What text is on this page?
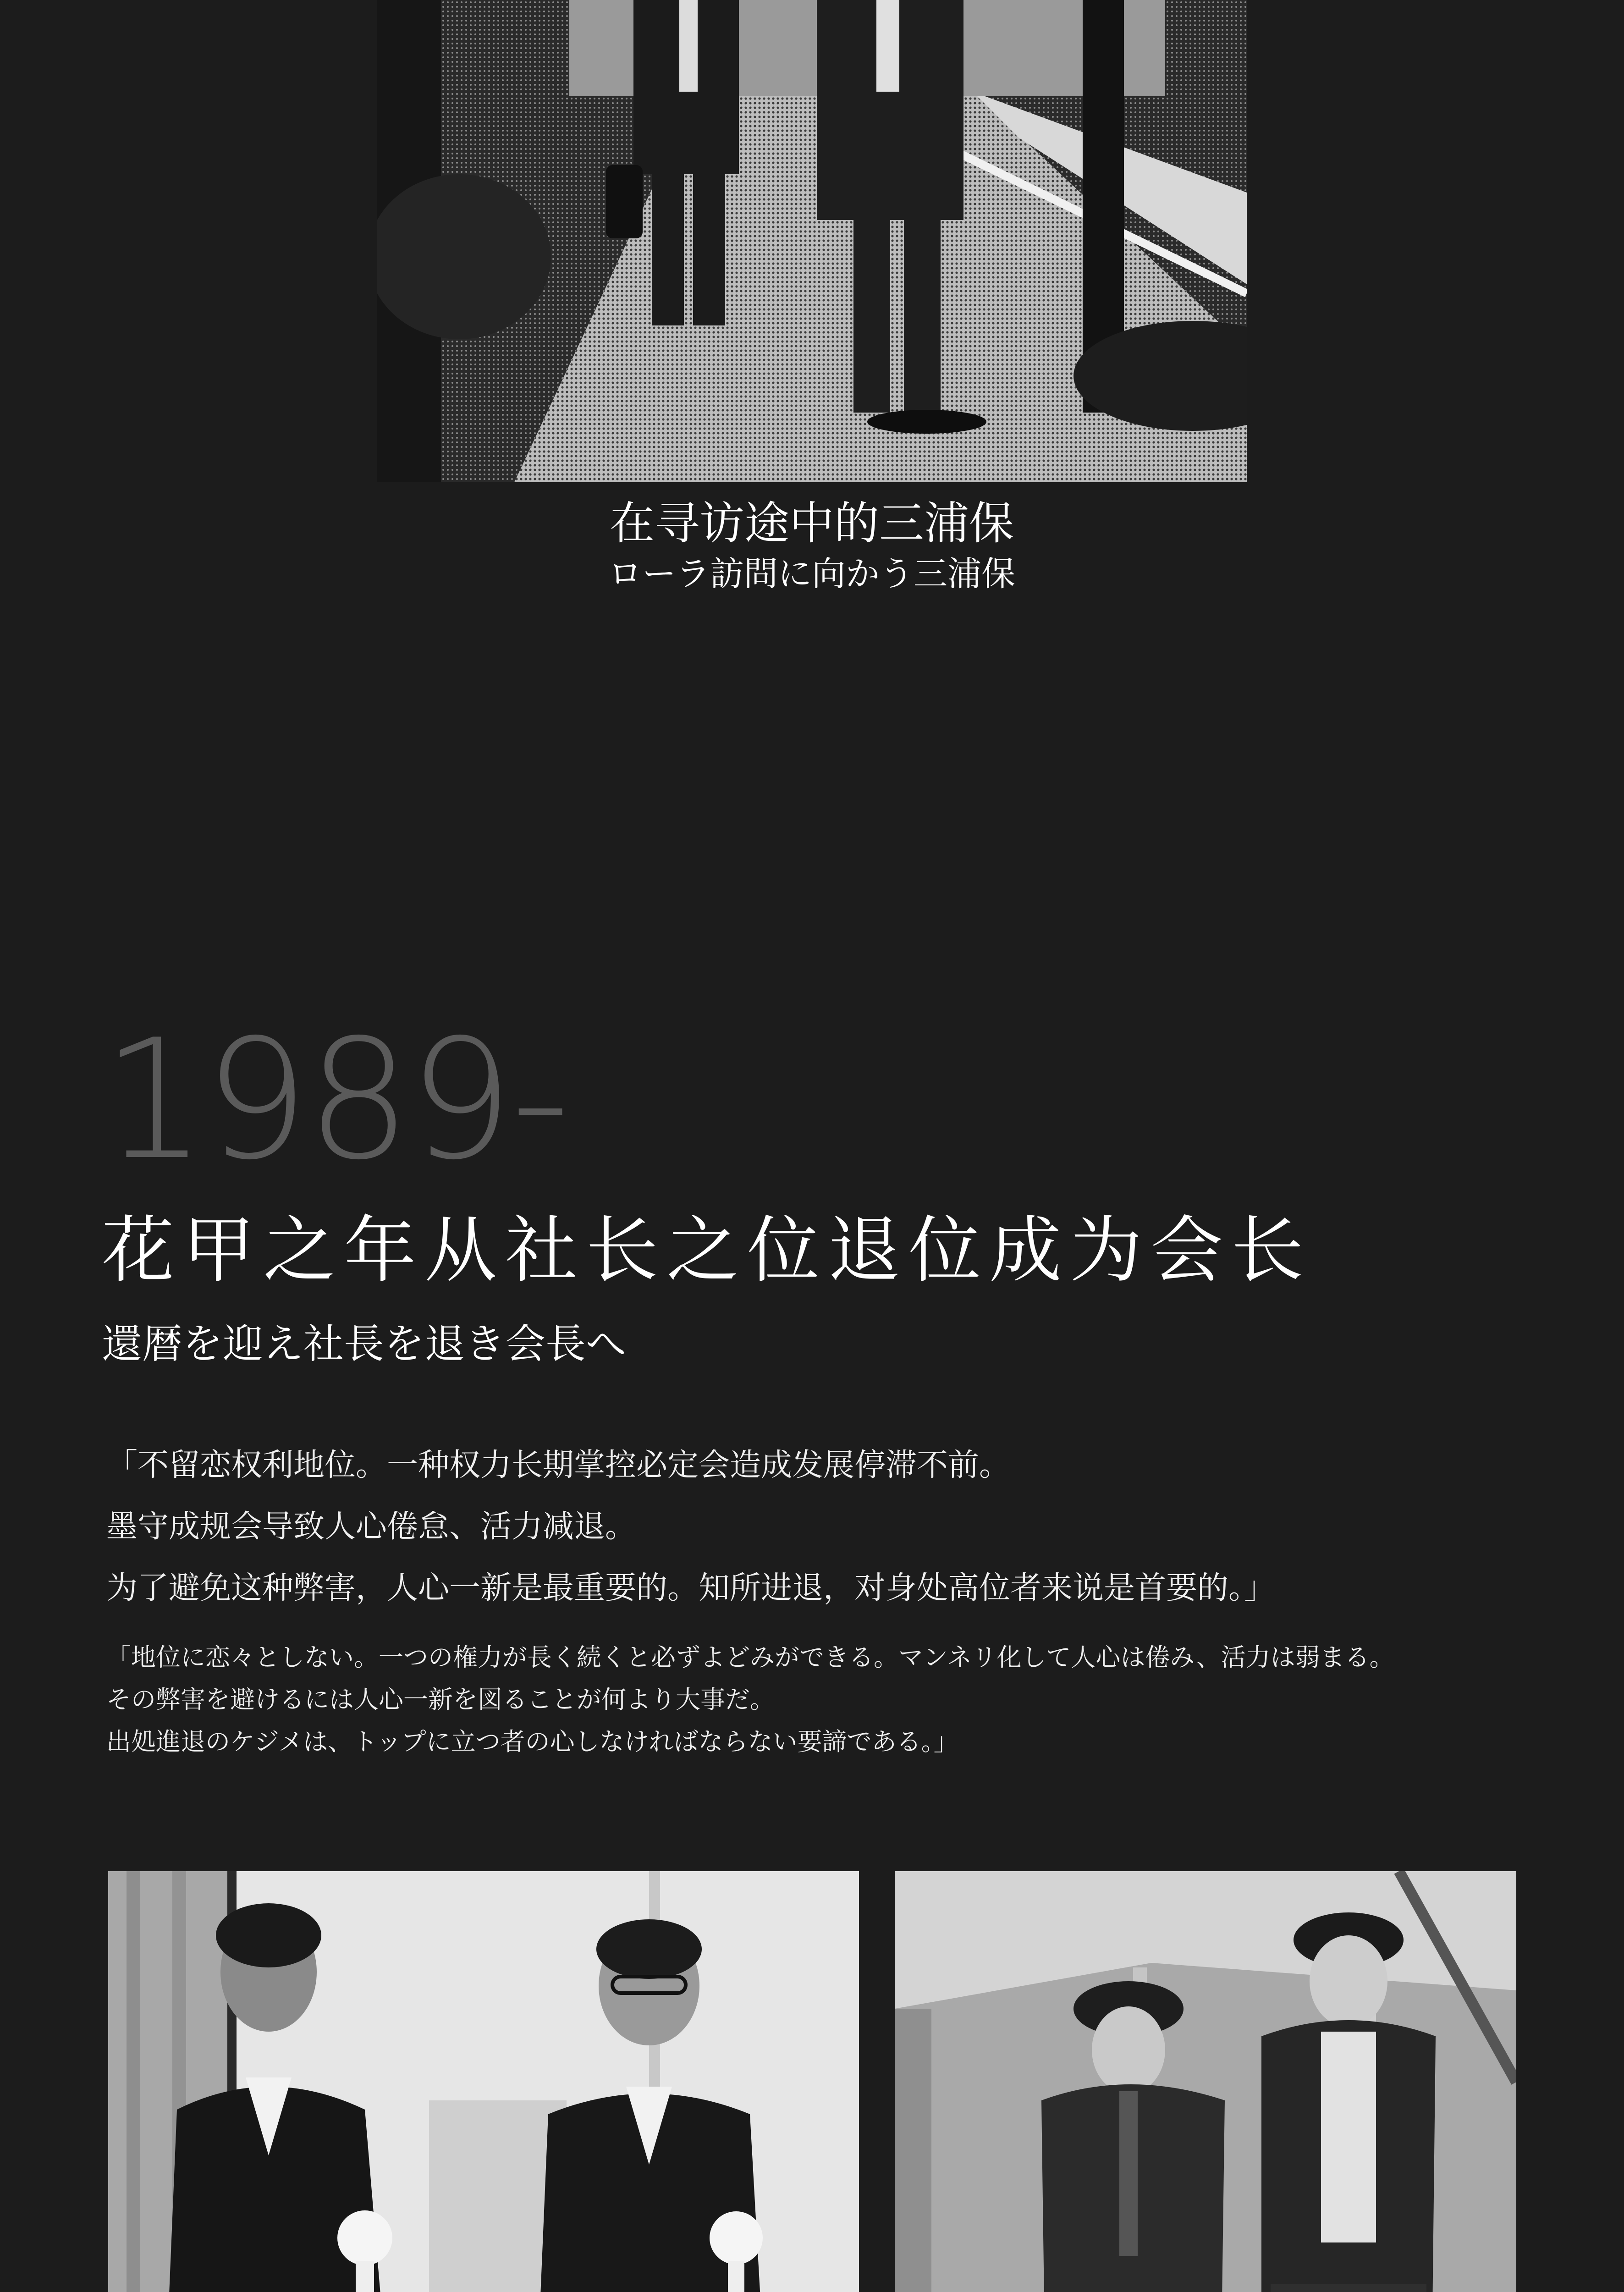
在寻访途中的三浦保
ローラ訪問に向かう三浦保
1989-
花甲之年从社长之位退位成为会长
還暦を迎え社長を退き会長へ
「不留恋权利地位。一种权力长期掌控必定会造成发展停滞不前。
墨守成规会导致人心倦怠、活力减退。
为了避免这种弊害，人心一新是最重要的。知所进退，对身处高位者来说是首要的。」
「地位に恋々としない。一つの権力が長く続くと必ずよどみができる。マンネリ化して人心は倦み、活力は弱まる。
その弊害を避けるには人心一新を図ることが何より大事だ。
出処進退のケジメは、トップに立つ者の心しなければならない要諦である。」
